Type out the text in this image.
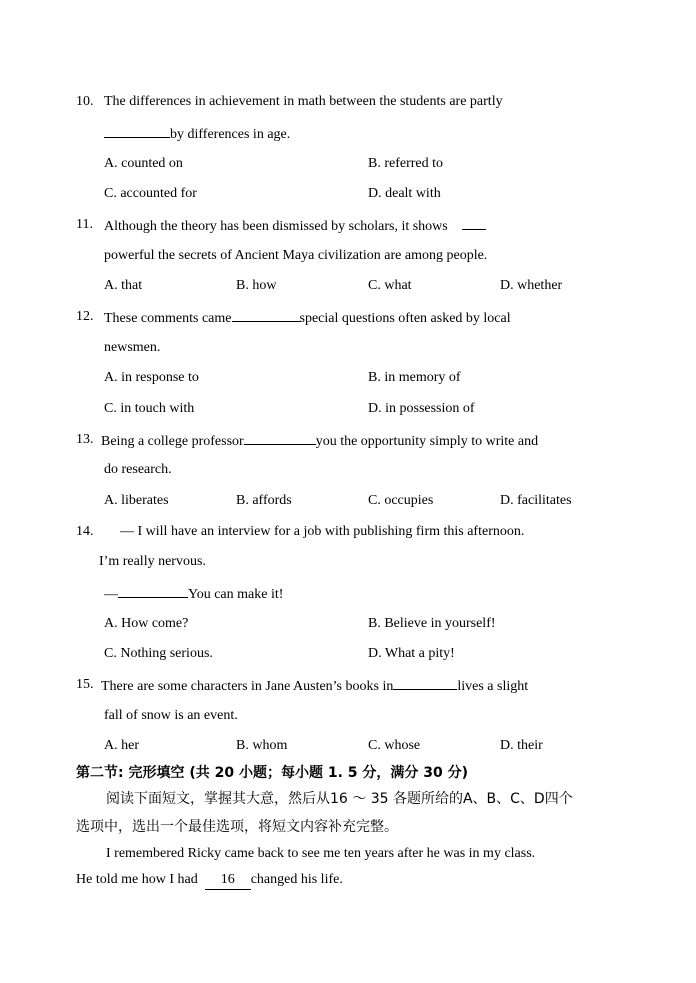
10. The differences in achievement in math between the students are partly
by differences in age.
A. counted on	B. referred to
C. accounted for	D. dealt with
11. Although the theory has been dismissed by scholars, it shows
powerful the secrets of Ancient Maya civilization are among people.
A. that	B. how	C. what	D. whether
12. These comments came	special questions often asked by local
newsmen.
A. in response to	B. in memory of
C. in touch with	D. in possession of
13. Being a college professor	you the opportunity simply to write and
do research.
A. liberates	B. affords	C. occupies	D. facilitates
14. — I will have an interview for a job with publishing firm this afternoon.
I’m really nervous.
—	You can make it!
A. How come?	B. Believe in yourself!
C. Nothing serious.	D. What a pity!
15. There are some characters in Jane Austen’s books in	lives a slight
fall of snow is an event.
A. her	B. whom	C. whose	D. their
第二节: 完形填空 (共 20 小题；每小题 1. 5 分，满分 30 分)
阅读下面短文，掌握其大意，然后从16 ～ 35 各题所给的A、B、C、D四个
选项中，选出一个最佳选项，将短文内容补充完整。
I remembered Ricky came back to see me ten years after he was in my class.
He told me how I had 16 changed his life.
